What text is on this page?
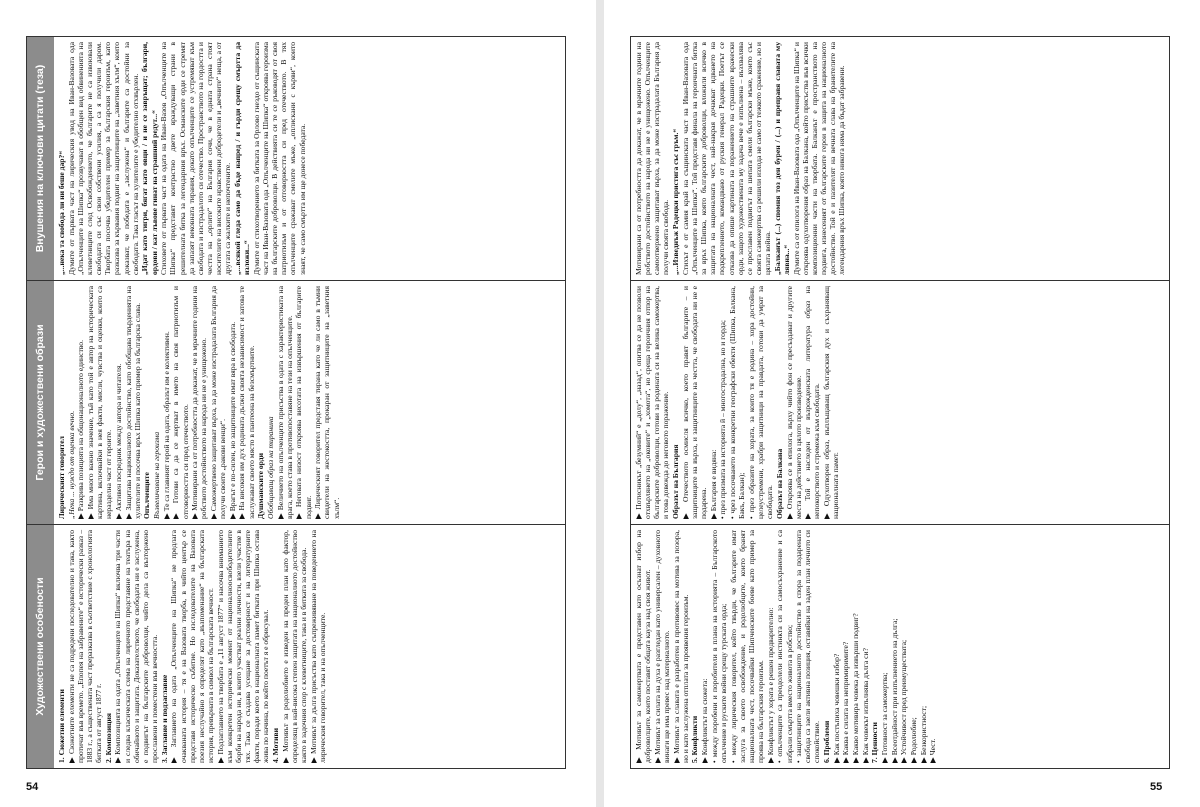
Художествени особености
Герои и художествени образи
Внушения на ключови цитати (теза)

1. Сюжетни елементи ▶ Сюжетните елементи не са подредени последователно и така, както протичат във времето. „Епопея на забравените“ е исторически разказ – 1883 г., а съществената част преразказва в съответствие с хронологията битката от август 1877 г. 2. Композиция ▶ Композицията на одата „Опълченците на Шипка“ включва три части и следва класическата схема на лиричното представяне на театъра на обичайното и защитата. Доказателството, че свободата ни е заслужена, е подвигът на българските доброволци, чийто дела са възторжено прославени и поместени във вечността. 3. Заглавие и подзаглавие ▶ Заглавието на одата „Опълченците на Шипка“ не предлага очакваната история – тя е на Вазовата творба, в чийто център се представя историческо събитие. Но изследователите на Вазовата поезия неслучайно я определят като „възпоменание“ на българската история, превърната в символ на българската вечност. ▶ Подзаглавието на творбата е „11 август 1877“ и насочва вниманието към конкретен исторически момент от националноосвободителните борби на народа ни, в които участват реални личности, взели участие в тях. Така се създава усещане за достоверност и на литературните факти, поради което в националната памет битката при Шипка остава жива по начина, по който поетът я е обрисувал. 4. Мотиви ▶ Мотивът за родолюбието е изведен на преден план като фактор, определящ в най-висока степен защитата на националното достойнство както в задочния спор с клеветниците, така и в битката за свобода. ▶ Мотивът за дълга присъства като съпреживяване на поведението на лирическия говорител, така и на опълченците.

Лирическият говорител „Нека ... нуждо от оценка вечно. ▶ Разкрива позицията на общонационалното единство. ▶ Има много важно значение, тъй като той е автор на историческата картина, включвайки в нея факти, мисли, чувства и оценки, които са неразделна част от героите. ▶ Активен посредник между автора и читателя. ▶ Защитава националното достойнство, като обобщава твърденията на хулителите и посочва връх Шипка като пример за българска слава. Опълченците Възвеличаване на героизма ▶ Те са главният герой на одата, образът им е колективен. ▶ Готови са да се жертват в името на своя патриотизъм и отговорността си пред отечеството. ▶ Мотивирани са от потребността да докажат, че в мрачните години на робството достойнството на народа ни не е унищожено. ▶ Саможертвено защитават върха, за да може изстрадалата България да получи своите „ракови венци“. ▶ Врагът е по-силен, но защитниците имат вяра в свободата. ▶ На високия им дух родината дължи своята независимост и затова те заслужават своето място в пантеона на безсмъртните. Душманските орди Обобщаващ образ на тиранина ▶ Величието на опълченците присъства в одата с характеристиката на врага, което става в противопоставяне на тези на опълченците. ▶ Неговата низост откроява висотата на извършения от българите подвиг. ▶ Лирическият говорител представя тирана като че ли само в тъмни свидетели на жестокостта, прокаран от защитниците на „заветния хълм“.

„...нека та свобода ли ни беше дар?“ Думите от първата част на лирическия увод на Иван-Вазовата ода „Опълченците на Шипка“ прозвучават в обобщен вид обвиненията на клеветниците след Освобождението, че българите не са извоювали свободата си със свои собствени усилия, а са я получили даром. Творбата посочва убедителен пример за българския героизъм, като разказва за кървавия подвиг на защитниците на „заветния хълм“, които доказват, че победата е „заслужена“ и българите са достойни за свободата. Така гласът на хулителите е убедително отхвърлен. „Идат като тигри, бягат като овци / и не се завръщат; българи, ордови / кат лъвове гинат на страшний редут...“ Стиховете от първата част на одата на Иван-Вазов „Опълченците на Шипка“ представят контрастно двете враждуващи страни в решителната битка за легендарния връх. Османските орди се стремят да запазят вековната тирания, докато опълченците се устремяват към свободата и изстрадалото си отечество. Пространството на гордостта и честта на „орлите“ на България сочи, че в едната страна стоят носителите на високите нравствени добродетели и „вечните“ неща, а от другата са жалките и непочтените. „...всякой гледа само да бъде напред / и гърди срещу смъртта да изложи...“ Думите от стихотворението за битката за Орлово гнездо от същинската част на Иван-Вазовата ода „Опълченците на Шипка“ откроява героизма на българските доброволци. В действията си те се ръководят от своя патриотизъм и от отговорността си пред отечеството. В тях опълченците сражават смелите мъже, „оплискани с кърви“, които знаят, че само смъртта им ще донесе победата.

54

▶ Мотивът за саможертвата е представен като осъзнат избор на доброволците, които поставят общата кауза над своя живот. ▶ Мотивът за силата на духа е разгледан като универсален – духовното винаги ще има превес над материалното. ▶ Мотивът за славата е разработен в противовес на мотива за позора, но и като заслужена отплата за проявения героизъм. 5. Конфликти ▶ Конфликтът на сюжета: • между поробени и поробители в плана на историята – Българското опълчение и руските войни срещу турската орда; • между лирическия говорител, който твърди, че българите имат заслуга за своето освобождение, и родолюбците, които бранят националната чест, посочвайки Шипченските боеве като пример за проява на българския героизъм. ▶ Конфликтът у хората е решен предварително: • опълченците са преодолели инстинкта си за самосъхранение и са избрали смъртта вместо живота в робство; • защитниците на националното достойнство в спора за подарената свобода са заели активна позиция, оставяйки на заден план личното си спокойствие. 6. Проблеми ▶ Как постъпиха човешки избор? ▶ Каква е силата на непримиримите? ▶ Какво мотивира човека да извърши подвиг? ▶ Как човекът изпълнява дълга си? 7. Ценности ▶ Готовност за саможертва; ▶ Всеотдайност при изпълнението на дълга; ▶ Устойчивост пред преимуществата; ▶ Родолюбие; ▶ Безкористност; ▶ Чест.

▶ Потисникът „безумний“ е „долу“, „назад“, опитва се да не позволи отхвърлянето на „оковите“ и „хомота“, но среща героичния отпор на българските доброволци, готови за родината си на велика саможертва, и това довежда до неговото поражение. Образът на България ▶ Отечеството осмисля всичко, което правят българите – и защитниците на върха, и защитниците на честта, че свободата ни не е подарена. ▶ България е видяна: • през призмата на историята й – многострадална, но и горда; • чрез посочването на конкретни географски обекти (Шипка, Балкана, Бакъ, Балкан); • през образите на хората, за които тя е родина – хора достойни, целеустремени, храбри защитници на правдата, готови да умрат за свободата. Образът на Балкана ▶ Откроява се в епилога, върху чийто фон се пресъздават и другите места на действието в цялото произведение. ▶ Той е наследен от възрожденската литература образ на непокорството и стремежа към свободата. ▶ Одухотворен образ, въплъщаващ българския дух и съхраняващ националната памет.

Мотивирани са от потребността да докажат, че в мрачните години на робството достойнството на народа ни не е унищожено. Опълченците самоотвержено защитават върха, за да може изстрадалата България да получи своята свобода. „...Изведнъж Радецки пристига със гръм.“ Стихът е от самия край на същинската част на Иван-Вазовата ода „Опълченците на Шипка“. Той представя финала на героичната битка за връх Шипка, която българските доброволци, вложили всичко в защитата на националната чест, най-накрая дочакват идването на подкреплението, командвано от руския генерал Радецки. Поетът се отказва да опише картината на поражението на страшните вражески орди, защото художествената му задача вече е изпълнена – възхвалява се прославен подвигът на шепата смели български мъже, които със своята саможертва са решили изхода не само от тежкото сражение, но и цялата война. „Балканът (...) спомня тоз ден бурен / (...) и преправя славата му лявна...“ Думите са от епилога на Иван-Вазовата ода „Опълченците на Шипка“ и откроява одухотворения образ на Балкана, който присъства във всички композиционни части на творбата. Балканът е пространството на подвига, изнесеният от българските герои в защита на националното достойнство. Той е и пазителят на вечната слава на бранителите на легендарния връх Шипка, която никога няма да бъдат забравени.

55
